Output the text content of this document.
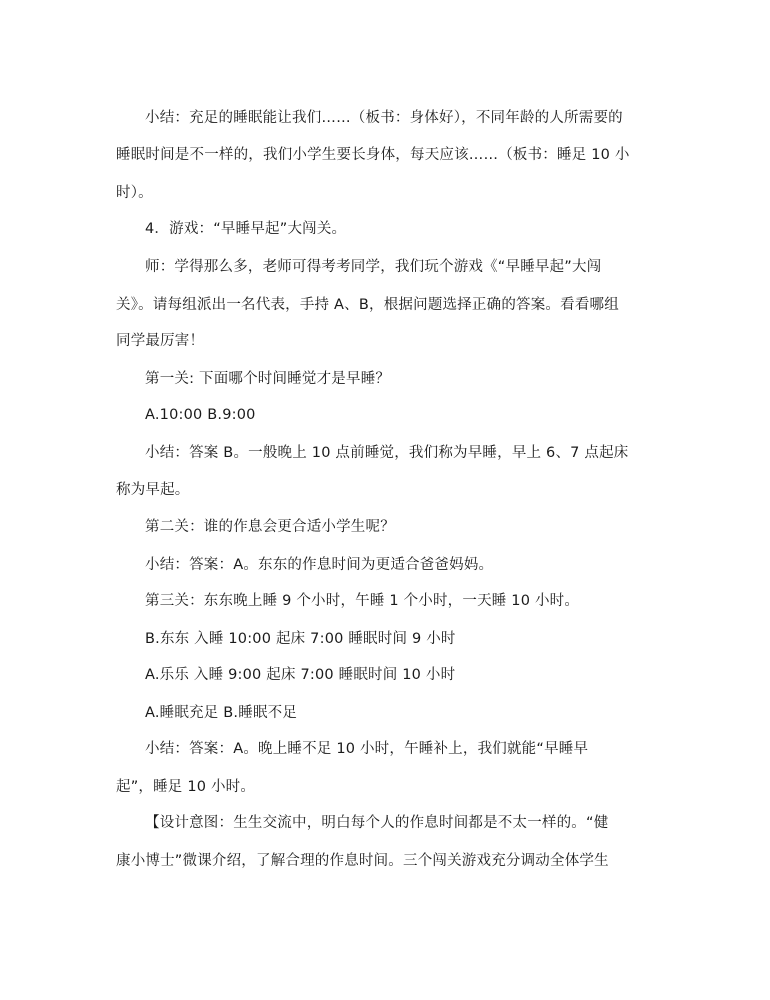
小结：充足的睡眠能让我们……（板书：身体好），不同年龄的人所需要的

睡眠时间是不一样的，我们小学生要长身体，每天应该……（板书：睡足 10 小

时）。

4．游戏：“早睡早起”大闯关。

师：学得那么多，老师可得考考同学，我们玩个游戏《“早睡早起”大闯

关》。请每组派出一名代表，手持 A、B，根据问题选择正确的答案。看看哪组

同学最厉害！

第一关: 下面哪个时间睡觉才是早睡？

A.10:00 B.9:00

小结：答案 B。一般晚上 10 点前睡觉，我们称为早睡，早上 6、7 点起床

称为早起。

第二关：谁的作息会更合适小学生呢？

小结：答案：A。东东的作息时间为更适合爸爸妈妈。

第三关：东东晚上睡 9 个小时，午睡 1 个小时，一天睡 10 小时。

B.东东 入睡 10:00 起床 7:00 睡眠时间 9 小时

A.乐乐 入睡 9:00 起床 7:00 睡眠时间 10 小时

A.睡眠充足 B.睡眠不足

小结：答案：A。晚上睡不足 10 小时，午睡补上，我们就能“早睡早

起”，睡足 10 小时。

【设计意图：生生交流中，明白每个人的作息时间都是不太一样的。“健

康小博士”微课介绍，了解合理的作息时间。三个闯关游戏充分调动全体学生
